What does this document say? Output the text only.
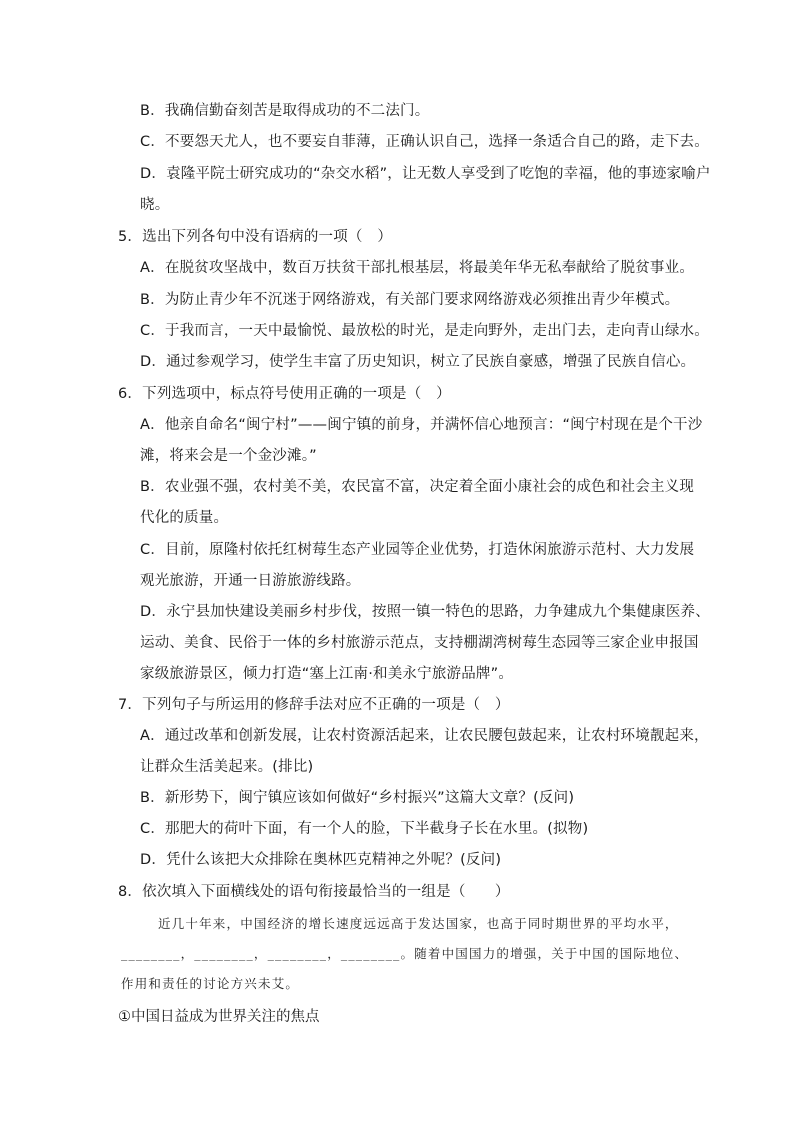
B．我确信勤奋刻苦是取得成功的不二法门。
C．不要怨天尤人，也不要妄自菲薄，正确认识自己，选择一条适合自己的路，走下去。
D．袁隆平院士研究成功的“杂交水稻”，让无数人享受到了吃饱的幸福，他的事迹家喻户
晓。
5．选出下列各句中没有语病的一项（　）
A．在脱贫攻坚战中，数百万扶贫干部扎根基层，将最美年华无私奉献给了脱贫事业。
B．为防止青少年不沉迷于网络游戏，有关部门要求网络游戏必须推出青少年模式。
C．于我而言，一天中最愉悦、最放松的时光，是走向野外，走出门去，走向青山绿水。
D．通过参观学习，使学生丰富了历史知识，树立了民族自豪感，增强了民族自信心。
6．下列选项中，标点符号使用正确的一项是（　）
A．他亲自命名“闽宁村”——闽宁镇的前身，并满怀信心地预言：“闽宁村现在是个干沙
滩，将来会是一个金沙滩。”
B．农业强不强，农村美不美，农民富不富，决定着全面小康社会的成色和社会主义现
代化的质量。
C．目前，原隆村依托红树莓生态产业园等企业优势，打造休闲旅游示范村、大力发展
观光旅游，开通一日游旅游线路。
D．永宁县加快建设美丽乡村步伐，按照一镇一特色的思路，力争建成九个集健康医养、
运动、美食、民俗于一体的乡村旅游示范点，支持棚湖湾树莓生态园等三家企业申报国
家级旅游景区，倾力打造“塞上江南·和美永宁旅游品牌”。
7．下列句子与所运用的修辞手法对应不正确的一项是（　）
A．通过改革和创新发展，让农村资源活起来，让农民腰包鼓起来，让农村环境靓起来，
让群众生活美起来。(排比)
B．新形势下，闽宁镇应该如何做好“乡村振兴”这篇大文章？(反问)
C．那肥大的荷叶下面，有一个人的脸，下半截身子长在水里。(拟物)
D．凭什么该把大众排除在奥林匹克精神之外呢？(反问)
8．依次填入下面横线处的语句衔接最恰当的一组是（　　）
近几十年来，中国经济的增长速度远远高于发达国家，也高于同时期世界的平均水平，
________，________，________，________。随着中国国力的增强，关于中国的国际地位、
作用和责任的讨论方兴未艾。
①中国日益成为世界关注的焦点
